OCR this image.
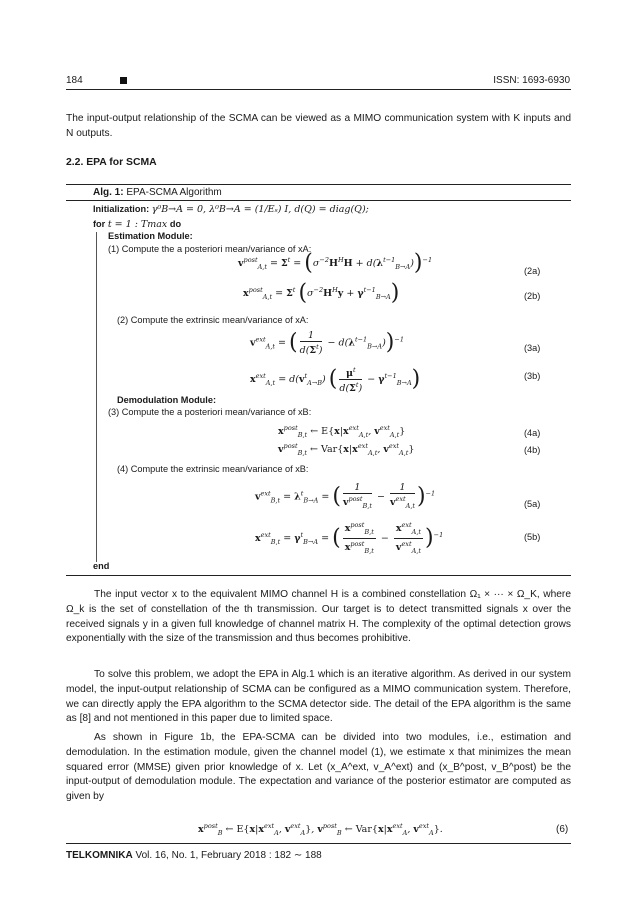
184	ISSN: 1693-6930
The input-output relationship of the SCMA can be viewed as a MIMO communication system with K inputs and N outputs.
2.2. EPA for SCMA
Alg. 1: EPA-SCMA Algorithm
Initialization: γ⁰B→A = 0, λ⁰B→A = (1/Eₛ) I, d(Q) = diag(Q);
for t = 1 : Tmax do
Estimation Module:
(1) Compute the a posteriori mean/variance of xA:
$v^{post}_{A,t} = \Sigma^t = (\sigma^{-2}H^HH + d(\lambda^{t-1}_{B\to A}))^{-1}$
(2a)
$x^{post}_{A,t} = \Sigma^t$ $(\sigma^{-2}H^Hy + \gamma^{t-1}_{B\to A})$	(2b)
(2) Compute the extrinsic mean/variance of xA:
$v^{ext}_{A,t}$ = ( $\frac{1}{d(\Sigma^t)} - d(\lambda^{t-1}_{B\to A}))^{-1}$
(3a)
$x^{ext}_{A,t} = d(v^t_{A\to B})$ ( $\frac{\mu^t}{d(\Sigma^t)} - \gamma^{t-1}_{B\to A}$)	(3b)
Demodulation Module:
(3) Compute the a posteriori mean/variance of xB:
$x^{post}_{B,t}$ ← $E\{x|x^{ext}_{A,t}$, $v^{ext}_{A,t}$}	(4a)
$v^{post}_{B,t}$ ← $Var\{x|x^{ext}_{A,t}$, $v^{ext}_{A,t}$}	(4b)
(4) Compute the extrinsic mean/variance of xB:
$v^{ext}_{B,t} = \lambda^t_{B\to A}$ = ( $\frac{1}{v^{post}_{B,t}} - \frac{1}{v^{ext}_{A,t}} )^{-1}$
(5a)
$x^{ext}_{B,t} = \gamma^t_{B\to A}$ = ( $\frac{x^{post}_{B,t}}{x^{post}_{B,t}} - \frac{x^{ext}_{A,t}}{v^{ext}_{A,t}} )^{-1}$	(5b)
end
The input vector x to the equivalent MIMO channel H is a combined constellation Ω₁ × ··· × Ω_K, where Ω_k is the set of constellation of the th transmission. Our target is to detect transmitted signals x over the received signals y in a given full knowledge of channel matrix H. The complexity of the optimal detection grows exponentially with the size of the transmission and thus becomes prohibitive.
To solve this problem, we adopt the EPA in Alg.1 which is an iterative algorithm. As derived in our system model, the input-output relationship of SCMA can be configured as a MIMO communication system. Therefore, we can directly apply the EPA algorithm to the SCMA detector side. The detail of the EPA algorithm is the same as [8] and not mentioned in this paper due to limited space.
As shown in Figure 1b, the EPA-SCMA can be divided into two modules, i.e., estimation and demodulation. In the estimation module, given the channel model (1), we estimate x that minimizes the mean squared error (MMSE) given prior knowledge of x. Let (x_A^ext, v_A^ext) and (x_B^post, v_B^post) be the input-output of demodulation module. The expectation and variance of the posterior estimator are computed as given by
$x^{post}_B$ ← $E\{x|x^{ext}_A$, $v^{ext}_A$}, $v^{post}_B$ ← $Var\{x|x^{ext}_A$, $v^{ext}_A$}.	(6)
TELKOMNIKA Vol. 16, No. 1, February 2018 : 182 ∼ 188
